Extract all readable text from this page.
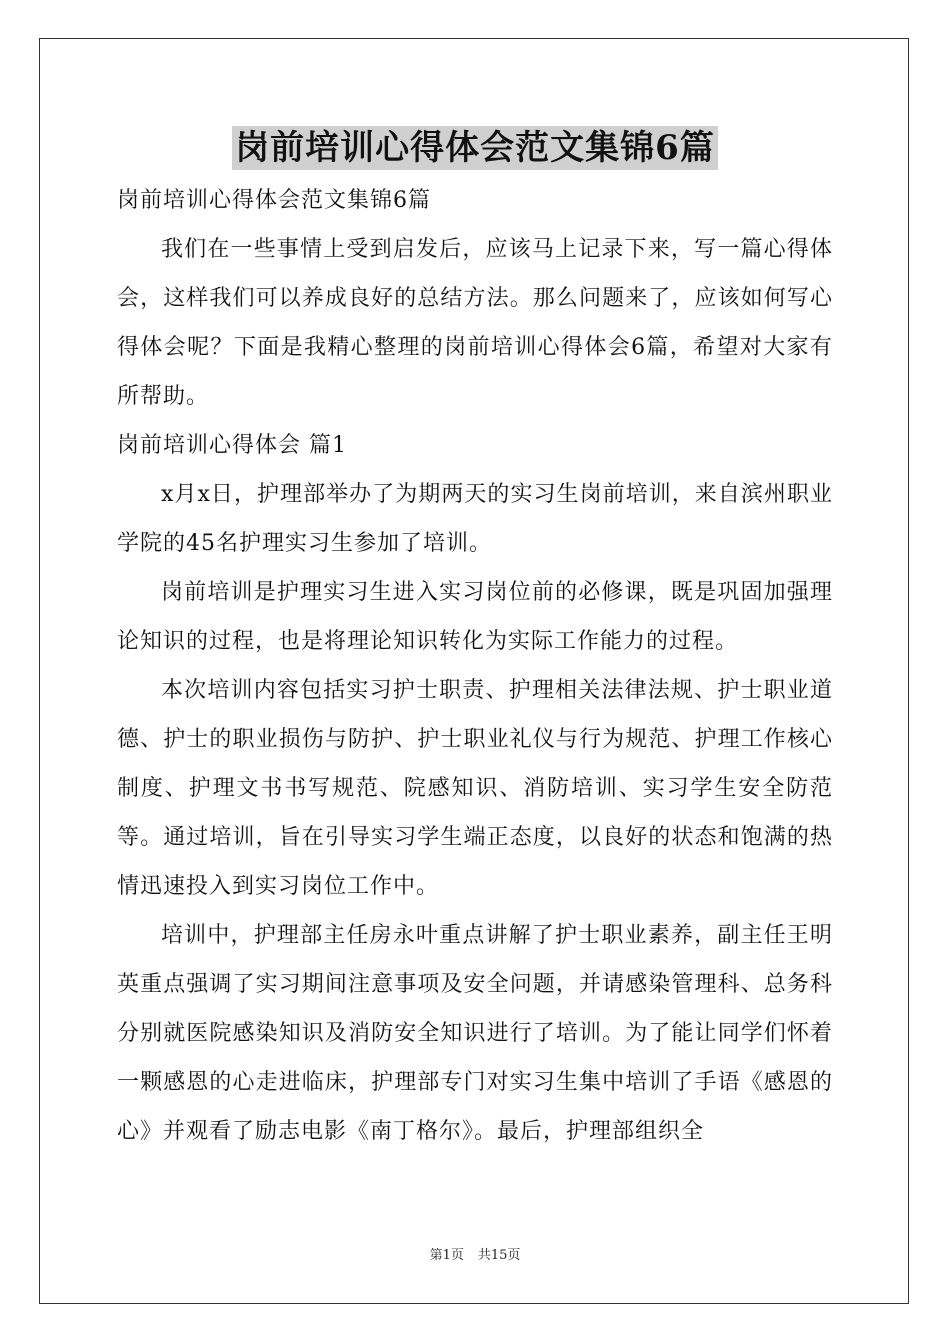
岗前培训心得体会范文集锦6篇

岗前培训心得体会范文集锦6篇

我们在一些事情上受到启发后，应该马上记录下来，写一篇心得体会，这样我们可以养成良好的总结方法。那么问题来了，应该如何写心得体会呢？下面是我精心整理的岗前培训心得体会6篇，希望对大家有所帮助。

岗前培训心得体会 篇1

x月x日，护理部举办了为期两天的实习生岗前培训，来自滨州职业学院的45名护理实习生参加了培训。

岗前培训是护理实习生进入实习岗位前的必修课，既是巩固加强理论知识的过程，也是将理论知识转化为实际工作能力的过程。

本次培训内容包括实习护士职责、护理相关法律法规、护士职业道德、护士的职业损伤与防护、护士职业礼仪与行为规范、护理工作核心制度、护理文书书写规范、院感知识、消防培训、实习学生安全防范等。通过培训，旨在引导实习学生端正态度，以良好的状态和饱满的热情迅速投入到实习岗位工作中。

培训中，护理部主任房永叶重点讲解了护士职业素养，副主任王明英重点强调了实习期间注意事项及安全问题，并请感染管理科、总务科分别就医院感染知识及消防安全知识进行了培训。为了能让同学们怀着一颗感恩的心走进临床，护理部专门对实习生集中培训了手语《感恩的心》并观看了励志电影《南丁格尔》。最后，护理部组织全

第1页 共15页
